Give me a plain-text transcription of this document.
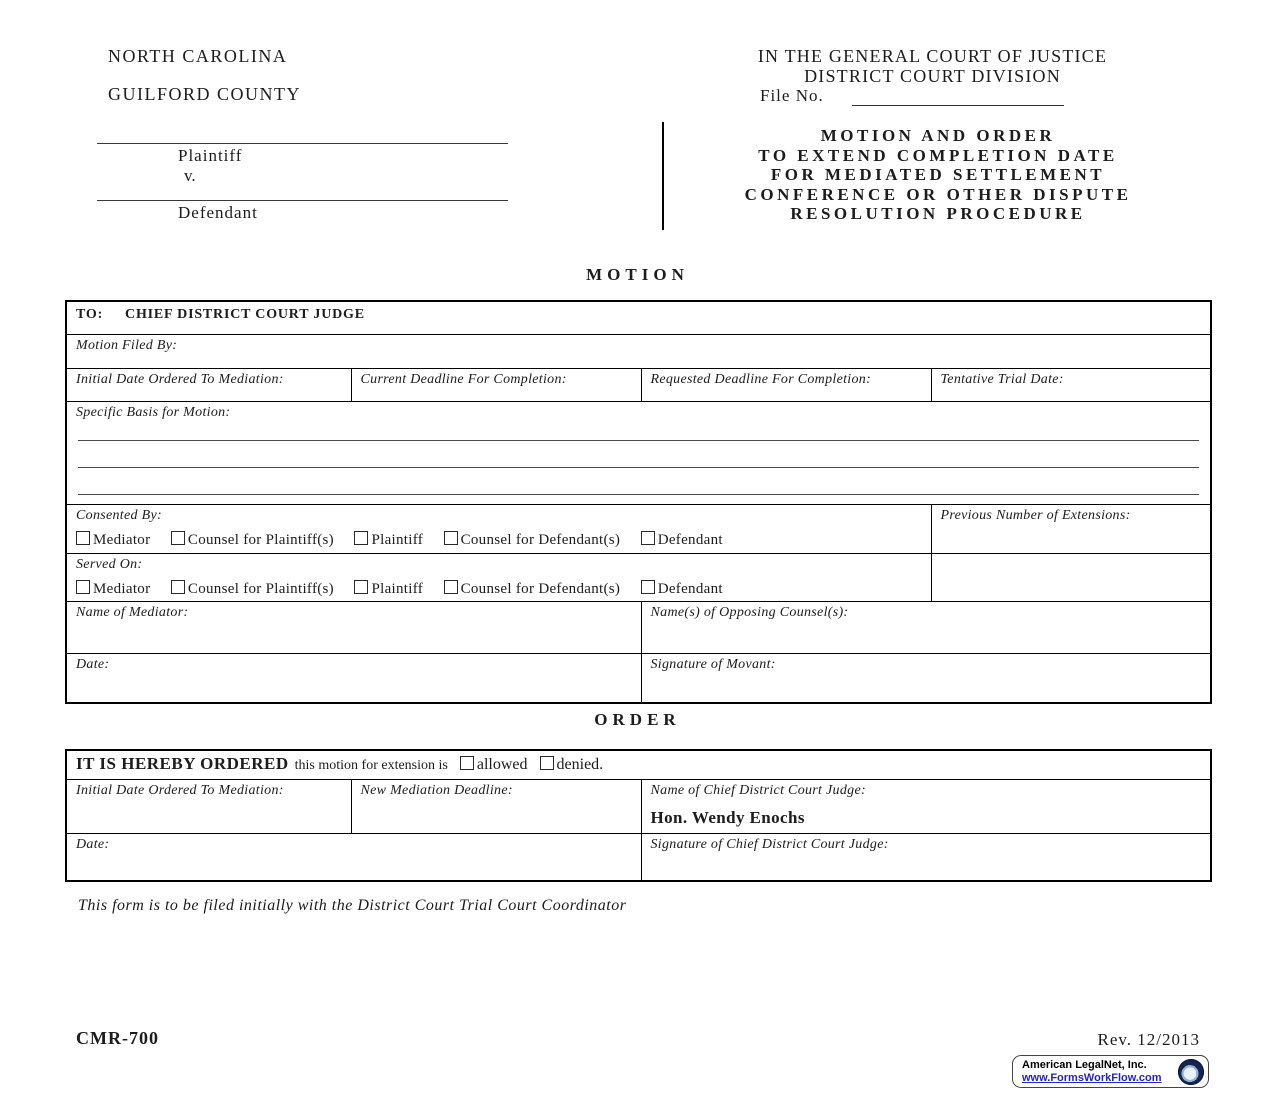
NORTH CAROLINA
GUILFORD COUNTY
Plaintiff
v.
Defendant
IN THE GENERAL COURT OF JUSTICE
DISTRICT COURT DIVISION
File No.
MOTION AND ORDER
TO EXTEND COMPLETION DATE
FOR MEDIATED SETTLEMENT
CONFERENCE OR OTHER DISPUTE
RESOLUTION PROCEDURE
MOTION
TO: CHIEF DISTRICT COURT JUDGE			
Motion Filed By:			
Initial Date Ordered To Mediation:	Current Deadline For Completion:	Requested Deadline For Completion:	Tentative Trial Date:
Specific Basis for Motion:			

Consented By:
Mediator Counsel for Plaintiff(s) Plaintiff Counsel for Defendant(s) Defendant			Previous Number of Extensions:
Served On:
Mediator Counsel for Plaintiff(s) Plaintiff Counsel for Defendant(s) Defendant			

Name of Mediator:		Name(s) of Opposing Counsel(s):	
Date:		Signature of Movant:	
ORDER
IT IS HEREBY ORDERED this motion for extension is allowed denied.		
Initial Date Ordered To Mediation:	New Mediation Deadline:	Name of Chief District Court Judge:
Hon. Wendy Enochs

Date:		Signature of Chief District Court Judge:
This form is to be filed initially with the District Court Trial Court Coordinator
CMR-700	Rev. 12/2013
American LegalNet, Inc.
www.FormsWorkFlow.com
